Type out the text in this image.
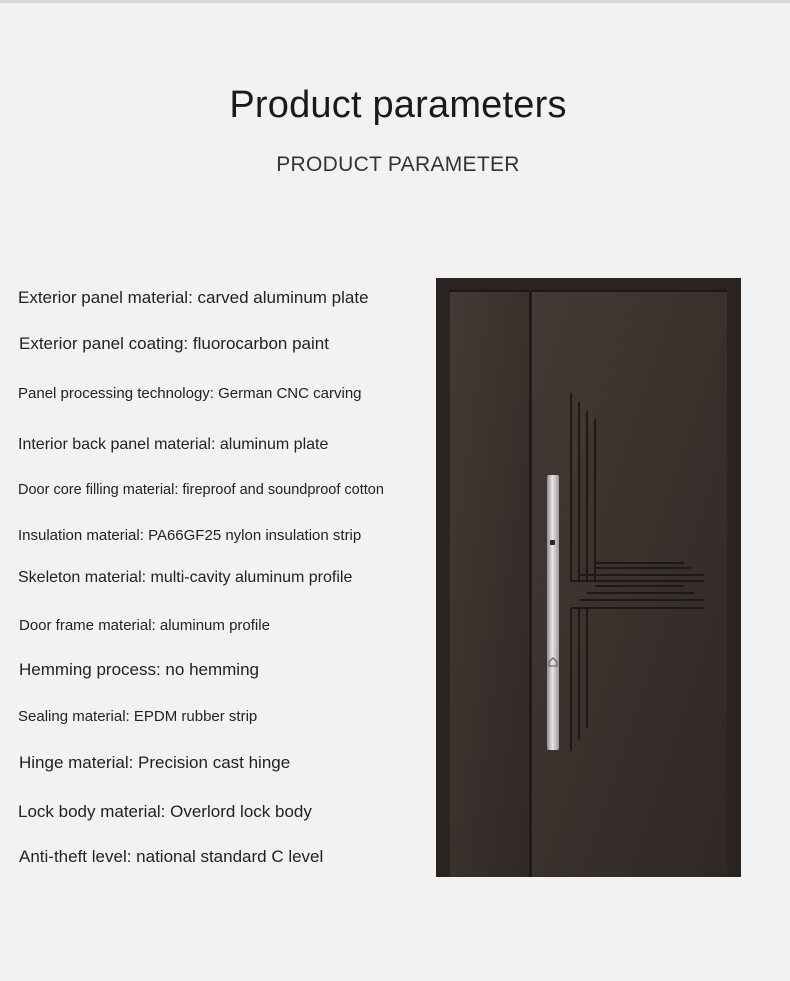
Product parameters
PRODUCT PARAMETER
Exterior panel material: carved aluminum plate
Exterior panel coating: fluorocarbon paint
Panel processing technology: German CNC carving
Interior back panel material: aluminum plate
Door core filling material: fireproof and soundproof cotton
Insulation material: PA66GF25 nylon insulation strip
Skeleton material: multi-cavity aluminum profile
Door frame material: aluminum profile
Hemming process: no hemming
Sealing material: EPDM rubber strip
Hinge material: Precision cast hinge
Lock body material: Overlord lock body
Anti-theft level: national standard C level
